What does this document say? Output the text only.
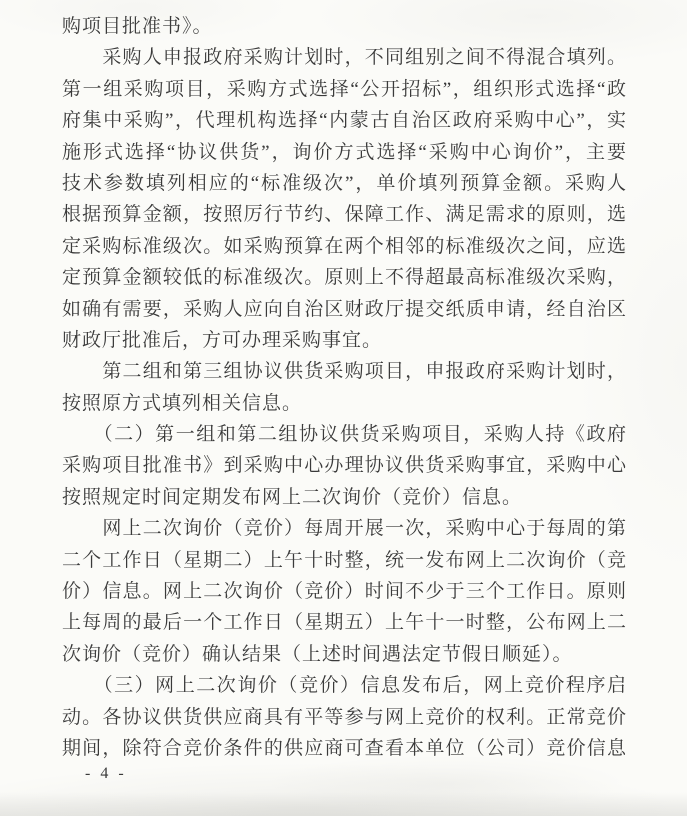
购项目批准书》。
　　采购人申报政府采购计划时，不同组别之间不得混合填列。
第一组采购项目，采购方式选择“公开招标”，组织形式选择“政
府集中采购”，代理机构选择“内蒙古自治区政府采购中心”，实
施形式选择“协议供货”，询价方式选择“采购中心询价”，主要
技术参数填列相应的“标准级次”，单价填列预算金额。采购人
根据预算金额，按照厉行节约、保障工作、满足需求的原则，选
定采购标准级次。如采购预算在两个相邻的标准级次之间，应选
定预算金额较低的标准级次。原则上不得超最高标准级次采购，
如确有需要，采购人应向自治区财政厅提交纸质申请，经自治区
财政厅批准后，方可办理采购事宜。
　　第二组和第三组协议供货采购项目，申报政府采购计划时，
按照原方式填列相关信息。
　　（二）第一组和第二组协议供货采购项目，采购人持《政府
采购项目批准书》到采购中心办理协议供货采购事宜，采购中心
按照规定时间定期发布网上二次询价（竞价）信息。
　　网上二次询价（竞价）每周开展一次，采购中心于每周的第
二个工作日（星期二）上午十时整，统一发布网上二次询价（竞
价）信息。网上二次询价（竞价）时间不少于三个工作日。原则
上每周的最后一个工作日（星期五）上午十一时整，公布网上二
次询价（竞价）确认结果（上述时间遇法定节假日顺延）。
　　（三）网上二次询价（竞价）信息发布后，网上竞价程序启
动。各协议供货供应商具有平等参与网上竞价的权利。正常竞价
期间，除符合竞价条件的供应商可查看本单位（公司）竞价信息
- 4 -
